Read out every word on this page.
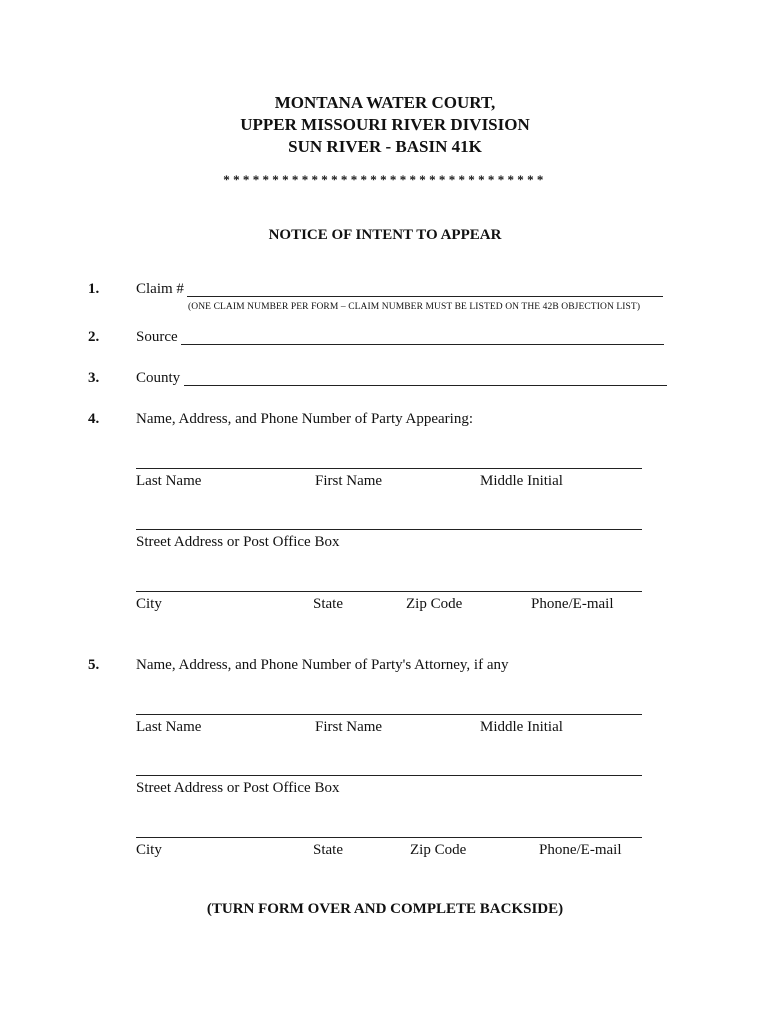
MONTANA WATER COURT,
UPPER MISSOURI RIVER DIVISION
SUN RIVER - BASIN 41K
*********************************
NOTICE OF INTENT TO APPEAR
1. Claim #
(ONE CLAIM NUMBER PER FORM – CLAIM NUMBER MUST BE LISTED ON THE 42B OBJECTION LIST)
2. Source
3. County
4. Name, Address, and Phone Number of Party Appearing:
Last Name	First Name	Middle Initial
Street Address or Post Office Box
City	State	Zip Code	Phone/E-mail
5. Name, Address, and Phone Number of Party's Attorney, if any
Last Name	First Name	Middle Initial
Street Address or Post Office Box
City	State	Zip Code	Phone/E-mail
(TURN FORM OVER AND COMPLETE BACKSIDE)
